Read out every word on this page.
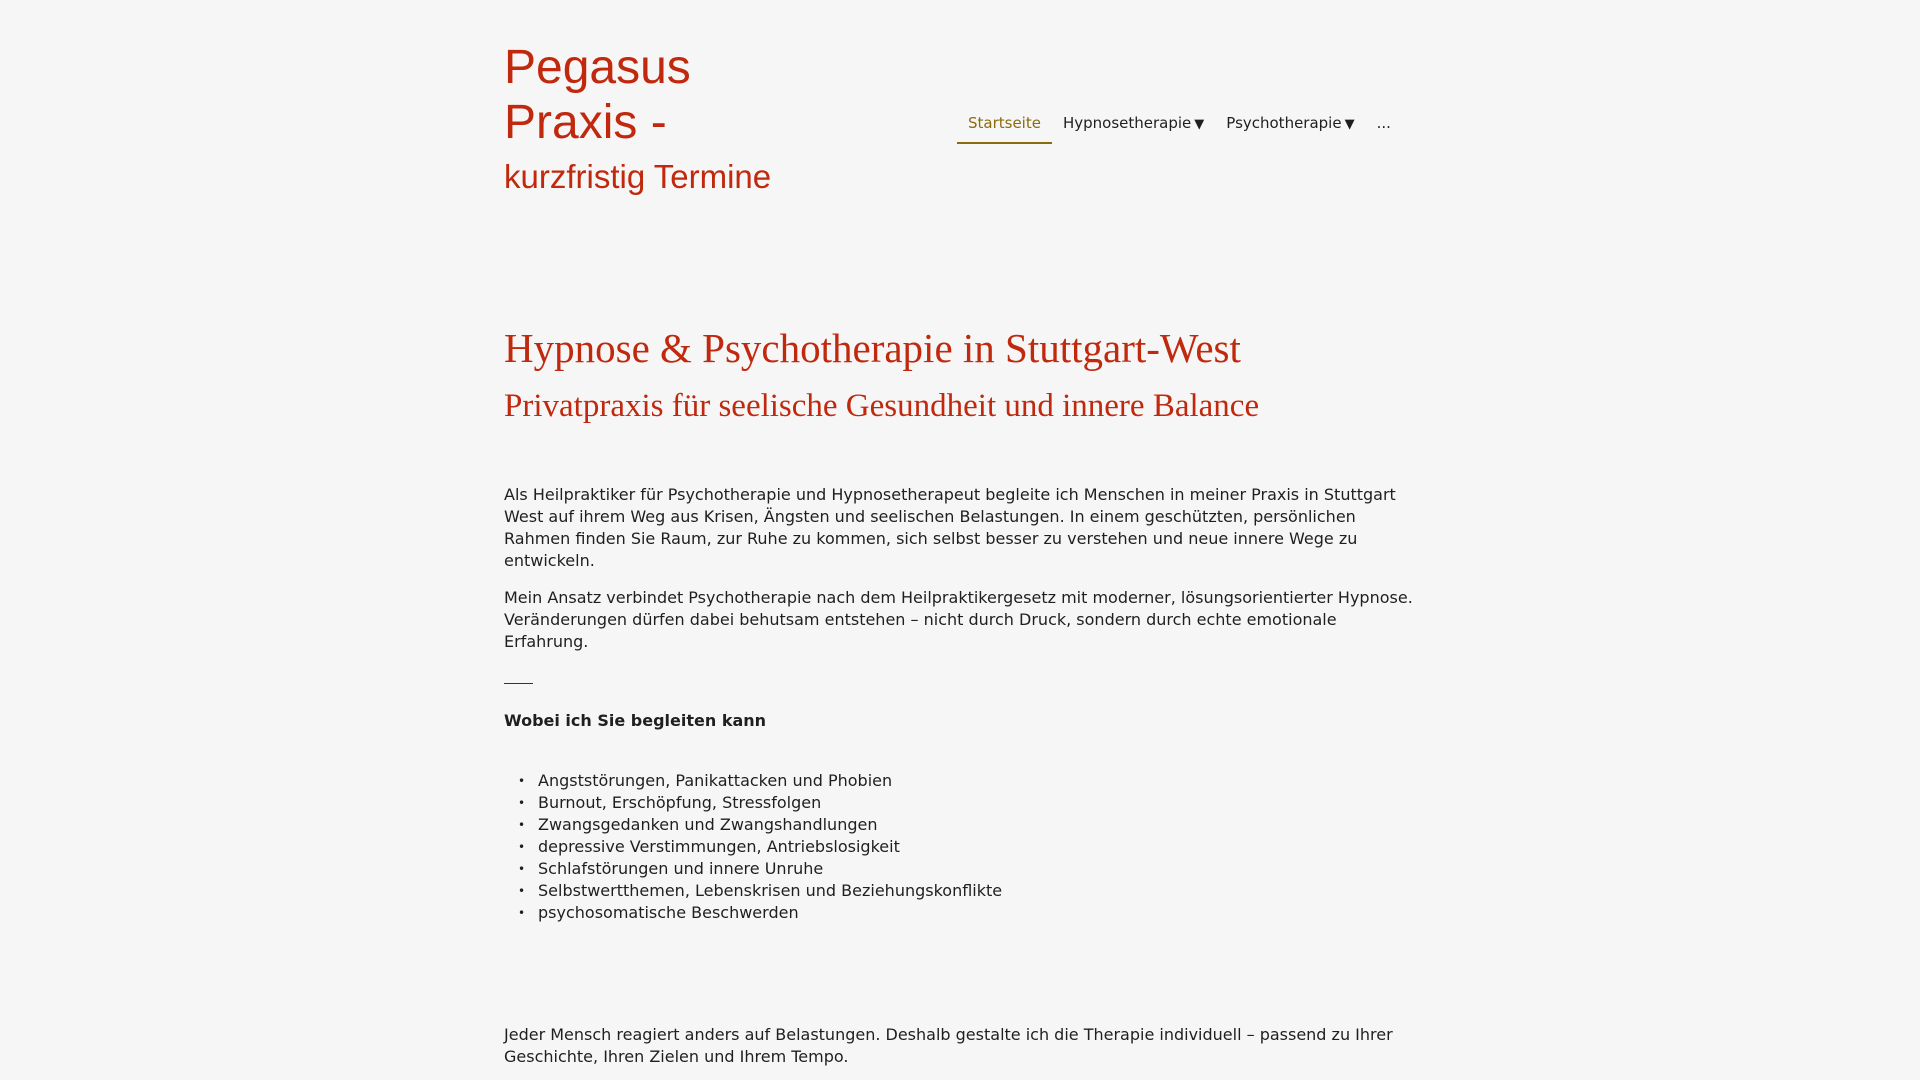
Pegasus
Praxis -
kurzfristig Termine
Startseite	Hypnosetherapie ▼	Psychotherapie ▼	...
Hypnose & Psychotherapie in Stuttgart-West
Privatpraxis für seelische Gesundheit und innere Balance

Als Heilpraktiker für Psychotherapie und Hypnosetherapeut begleite ich Menschen in meiner Praxis in Stuttgart West auf ihrem Weg aus Krisen, Ängsten und seelischen Belastungen. In einem geschützten, persönlichen Rahmen finden Sie Raum, zur Ruhe zu kommen, sich selbst besser zu verstehen und neue innere Wege zu entwickeln.

Mein Ansatz verbindet Psychotherapie nach dem Heilpraktikergesetz mit moderner, lösungsorientierter Hypnose. Veränderungen dürfen dabei behutsam entstehen – nicht durch Druck, sondern durch echte emotionale Erfahrung.

Wobei ich Sie begleiten kann

• Angststörungen, Panikattacken und Phobien
• Burnout, Erschöpfung, Stressfolgen
• Zwangsgedanken und Zwangshandlungen
• depressive Verstimmungen, Antriebslosigkeit
• Schlafstörungen und innere Unruhe
• Selbstwertthemen, Lebenskrisen und Beziehungskonflikte
• psychosomatische Beschwerden

Jeder Mensch reagiert anders auf Belastungen. Deshalb gestalte ich die Therapie individuell – passend zu Ihrer Geschichte, Ihren Zielen und Ihrem Tempo.
